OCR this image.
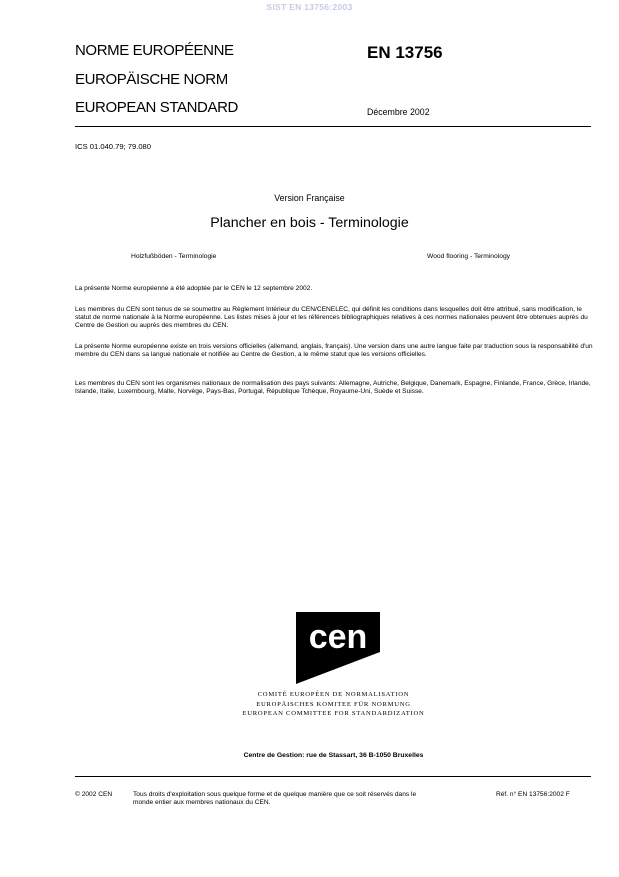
SIST EN 13756:2003
NORME EUROPÉENNE
EUROPÄISCHE NORM
EUROPEAN STANDARD
EN 13756
Décembre 2002
ICS 01.040.79; 79.080
Version Française
Plancher en bois - Terminologie
Holzfußböden - Terminologie	Wood flooring - Terminology

La présente Norme européenne a été adoptée par le CEN le 12 septembre 2002.

Les membres du CEN sont tenus de se soumettre au Règlement Intérieur du CEN/CENELEC, qui définit les conditions dans lesquelles doit être attribué, sans modification, le statut de norme nationale à la Norme européenne. Les listes mises à jour et les références bibliographiques relatives à ces normes nationales peuvent être obtenues auprès du Centre de Gestion ou auprès des membres du CEN.

La présente Norme européenne existe en trois versions officielles (allemand, anglais, français). Une version dans une autre langue faite par traduction sous la responsabilité d'un membre du CEN dans sa langue nationale et notifiée au Centre de Gestion, a le même statut que les versions officielles.

Les membres du CEN sont les organismes nationaux de normalisation des pays suivants: Allemagne, Autriche, Belgique, Danemark, Espagne, Finlande, France, Grèce, Irlande, Islande, Italie, Luxembourg, Malte, Norvège, Pays-Bas, Portugal, République Tchèque, Royaume-Uni, Suède et Suisse.

cen
COMITÉ EUROPÉEN DE NORMALISATION
EUROPÄISCHES KOMITEE FÜR NORMUNG
EUROPEAN COMMITTEE FOR STANDARDIZATION
Centre de Gestion: rue de Stassart, 36 B-1050 Bruxelles
© 2002 CEN	Tous droits d'exploitation sous quelque forme et de quelque manière que ce soit réservés dans le monde entier aux membres nationaux du CEN.
Réf. n° EN 13756:2002 F
